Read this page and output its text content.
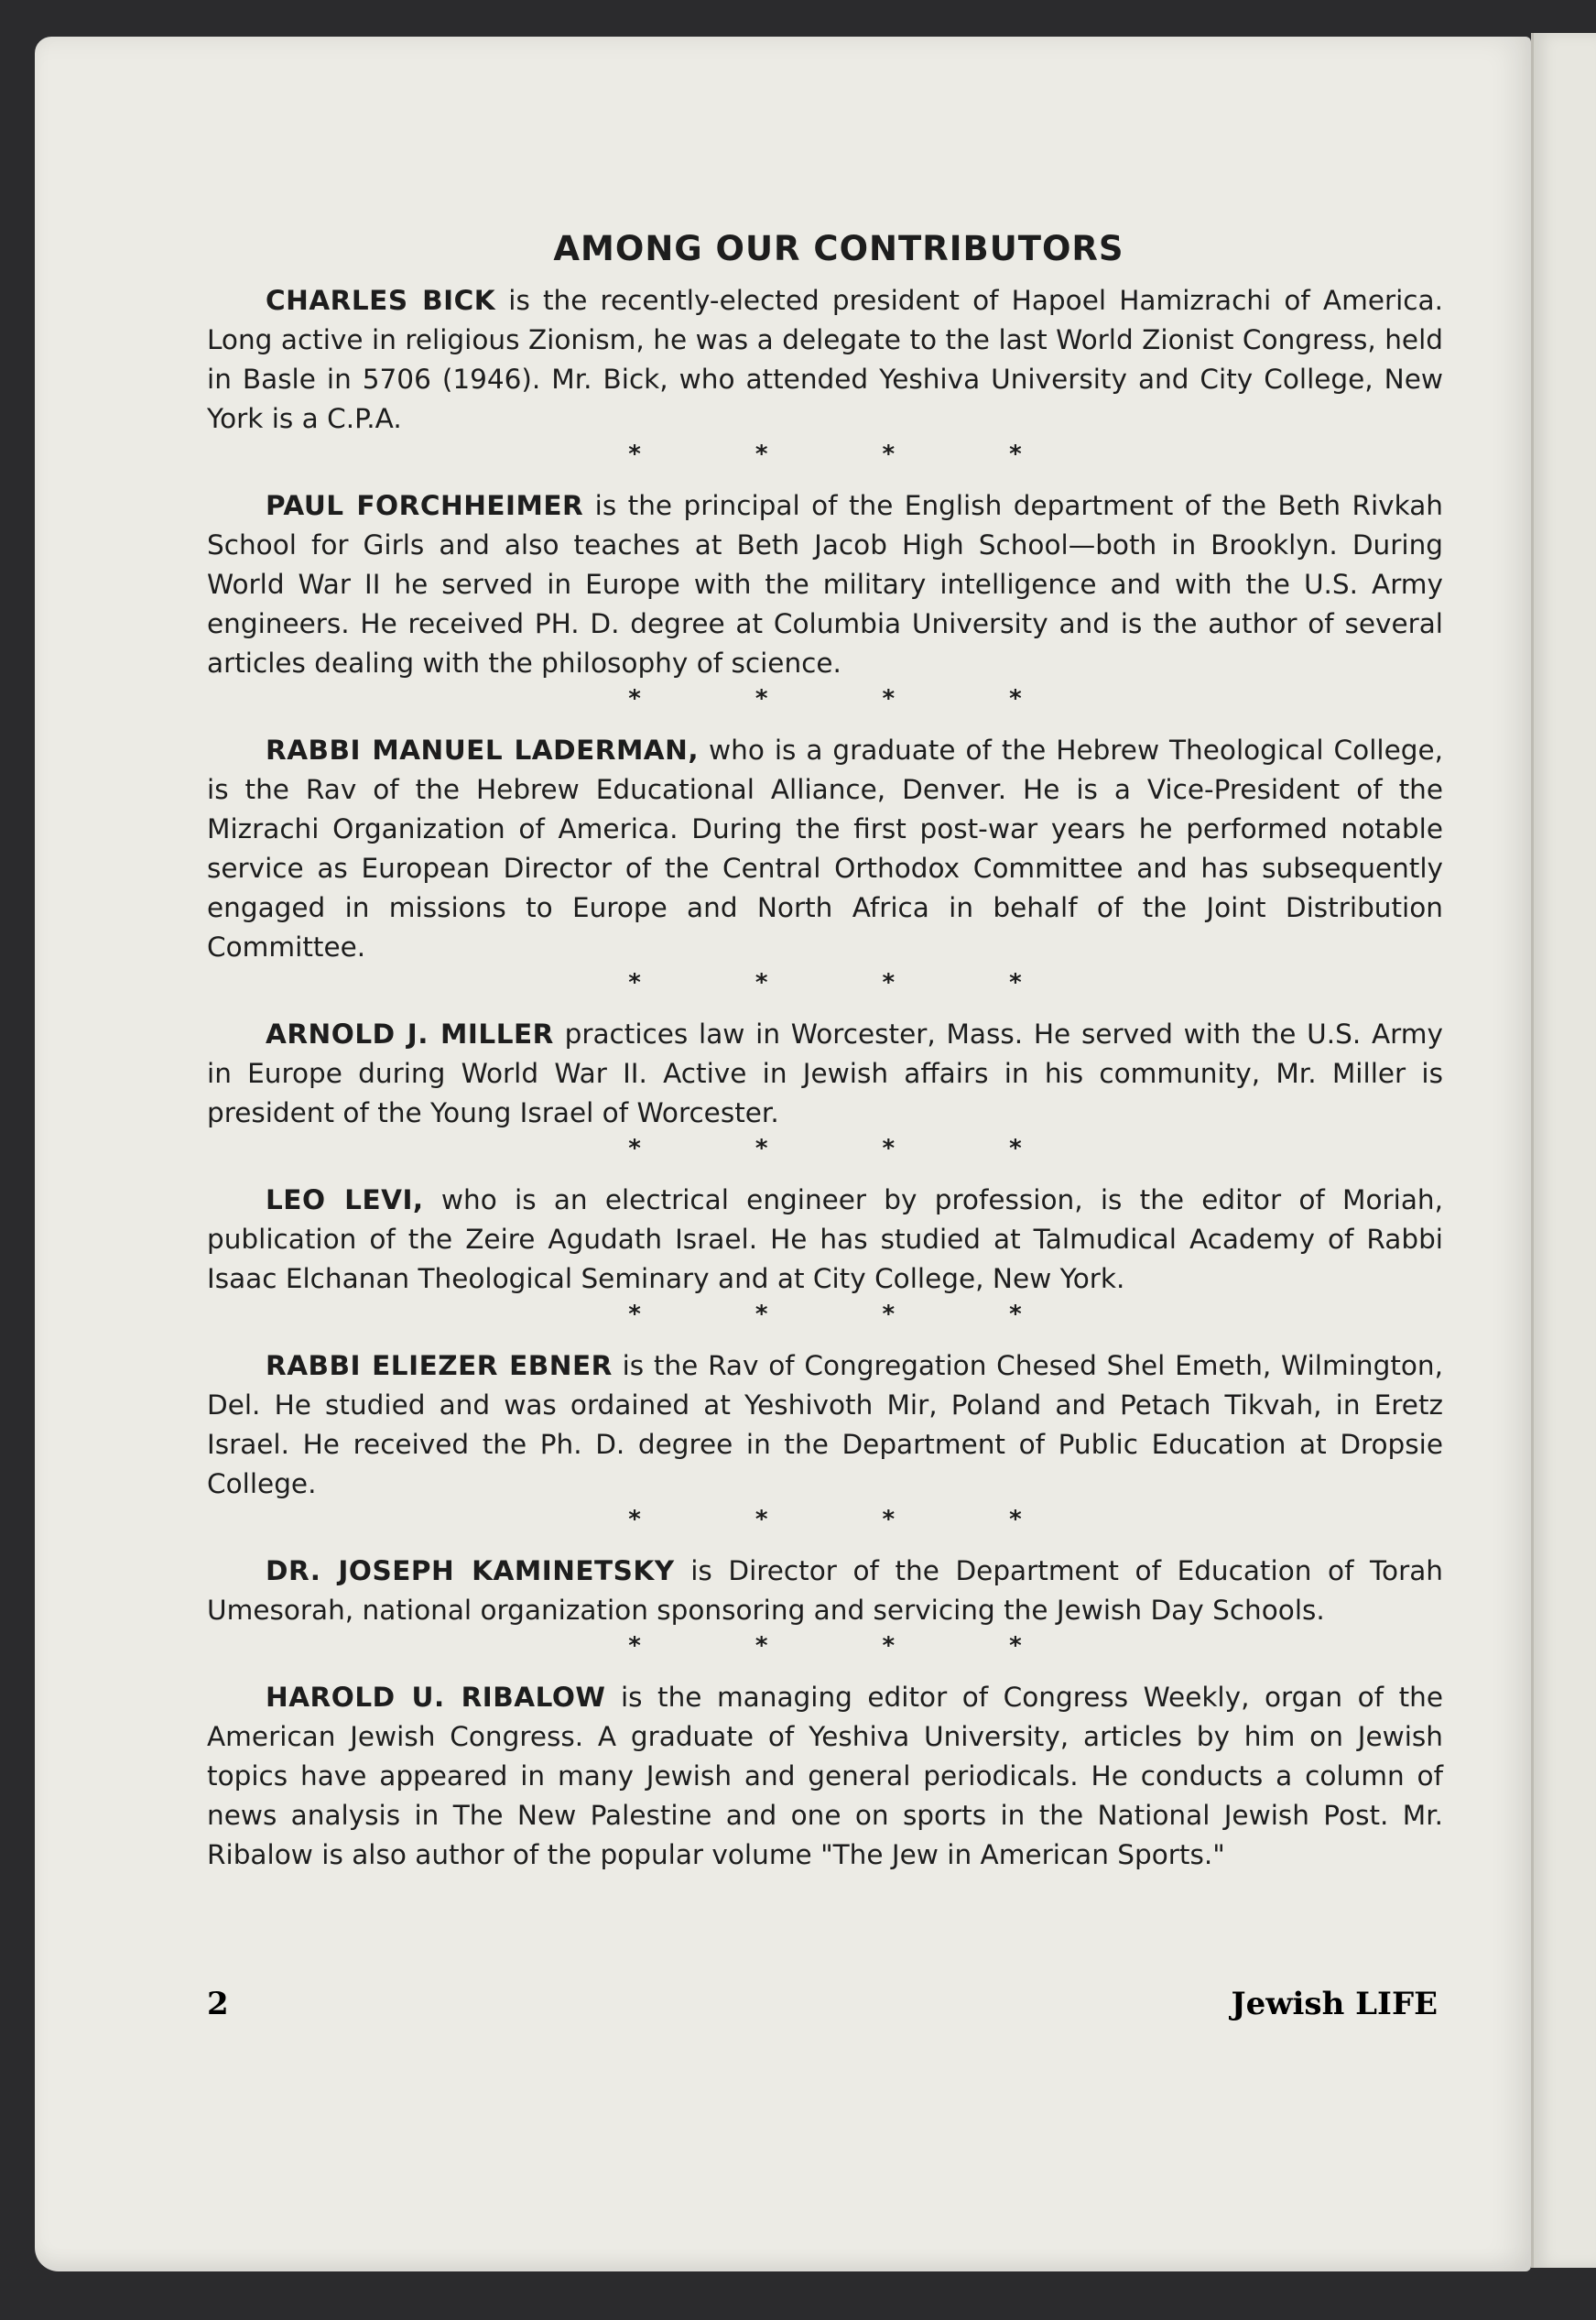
AMONG OUR CONTRIBUTORS

CHARLES BICK is the recently-elected president of Hapoel Hamizrachi of America. Long active in religious Zionism, he was a delegate to the last World Zionist Congress, held in Basle in 5706 (1946). Mr. Bick, who attended Yeshiva University and City College, New York is a C.P.A.

* * * *

PAUL FORCHHEIMER is the principal of the English department of the Beth Rivkah School for Girls and also teaches at Beth Jacob High School—both in Brooklyn. During World War II he served in Europe with the military intelligence and with the U.S. Army engineers. He received PH. D. degree at Columbia University and is the author of several articles dealing with the philosophy of science.

* * * *

RABBI MANUEL LADERMAN, who is a graduate of the Hebrew Theological College, is the Rav of the Hebrew Educational Alliance, Denver. He is a Vice-President of the Mizrachi Organization of America. During the first post-war years he performed notable service as European Director of the Central Orthodox Committee and has subsequently engaged in missions to Europe and North Africa in behalf of the Joint Distribution Committee.

* * * *

ARNOLD J. MILLER practices law in Worcester, Mass. He served with the U.S. Army in Europe during World War II. Active in Jewish affairs in his community, Mr. Miller is president of the Young Israel of Worcester.

* * * *

LEO LEVI, who is an electrical engineer by profession, is the editor of Moriah, publication of the Zeire Agudath Israel. He has studied at Talmudical Academy of Rabbi Isaac Elchanan Theological Seminary and at City College, New York.

* * * *

RABBI ELIEZER EBNER is the Rav of Congregation Chesed Shel Emeth, Wilmington, Del. He studied and was ordained at Yeshivoth Mir, Poland and Petach Tikvah, in Eretz Israel. He received the Ph. D. degree in the Department of Public Education at Dropsie College.

* * * *

DR. JOSEPH KAMINETSKY is Director of the Department of Education of Torah Umesorah, national organization sponsoring and servicing the Jewish Day Schools.

* * * *

HAROLD U. RIBALOW is the managing editor of Congress Weekly, organ of the American Jewish Congress. A graduate of Yeshiva University, articles by him on Jewish topics have appeared in many Jewish and general periodicals. He conducts a column of news analysis in The New Palestine and one on sports in the National Jewish Post. Mr. Ribalow is also author of the popular volume "The Jew in American Sports."

2	Jewish LIFE
